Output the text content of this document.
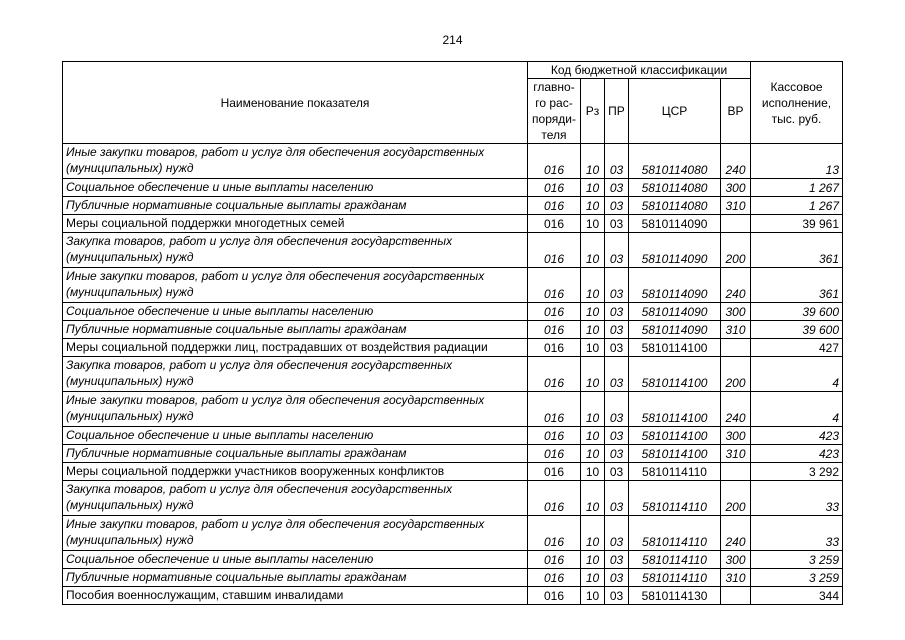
214
Наименование показателя	Код бюджетной классификации					Кассовое исполнение, тыс. руб.
	главно-го рас-поряди-теля	Рз	ПР	ЦСР	ВР	
Иные закупки товаров, работ и услуг для обеспечения государственных (муниципальных) нужд	016	10	03	5810114080	240	13
Социальное обеспечение и иные выплаты населению	016	10	03	5810114080	300	1 267
Публичные нормативные социальные выплаты гражданам	016	10	03	5810114080	310	1 267
Меры социальной поддержки многодетных семей	016	10	03	5810114090		39 961
Закупка товаров, работ и услуг для обеспечения государственных (муниципальных) нужд	016	10	03	5810114090	200	361
Иные закупки товаров, работ и услуг для обеспечения государственных (муниципальных) нужд	016	10	03	5810114090	240	361
Социальное обеспечение и иные выплаты населению	016	10	03	5810114090	300	39 600
Публичные нормативные социальные выплаты гражданам	016	10	03	5810114090	310	39 600
Меры социальной поддержки лиц, пострадавших от воздействия радиации	016	10	03	5810114100		427
Закупка товаров, работ и услуг для обеспечения государственных (муниципальных) нужд	016	10	03	5810114100	200	4
Иные закупки товаров, работ и услуг для обеспечения государственных (муниципальных) нужд	016	10	03	5810114100	240	4
Социальное обеспечение и иные выплаты населению	016	10	03	5810114100	300	423
Публичные нормативные социальные выплаты гражданам	016	10	03	5810114100	310	423
Меры социальной поддержки участников вооруженных конфликтов	016	10	03	5810114110		3 292
Закупка товаров, работ и услуг для обеспечения государственных (муниципальных) нужд	016	10	03	5810114110	200	33
Иные закупки товаров, работ и услуг для обеспечения государственных (муниципальных) нужд	016	10	03	5810114110	240	33
Социальное обеспечение и иные выплаты населению	016	10	03	5810114110	300	3 259
Публичные нормативные социальные выплаты гражданам	016	10	03	5810114110	310	3 259
Пособия военнослужащим, ставшим инвалидами	016	10	03	5810114130		344
